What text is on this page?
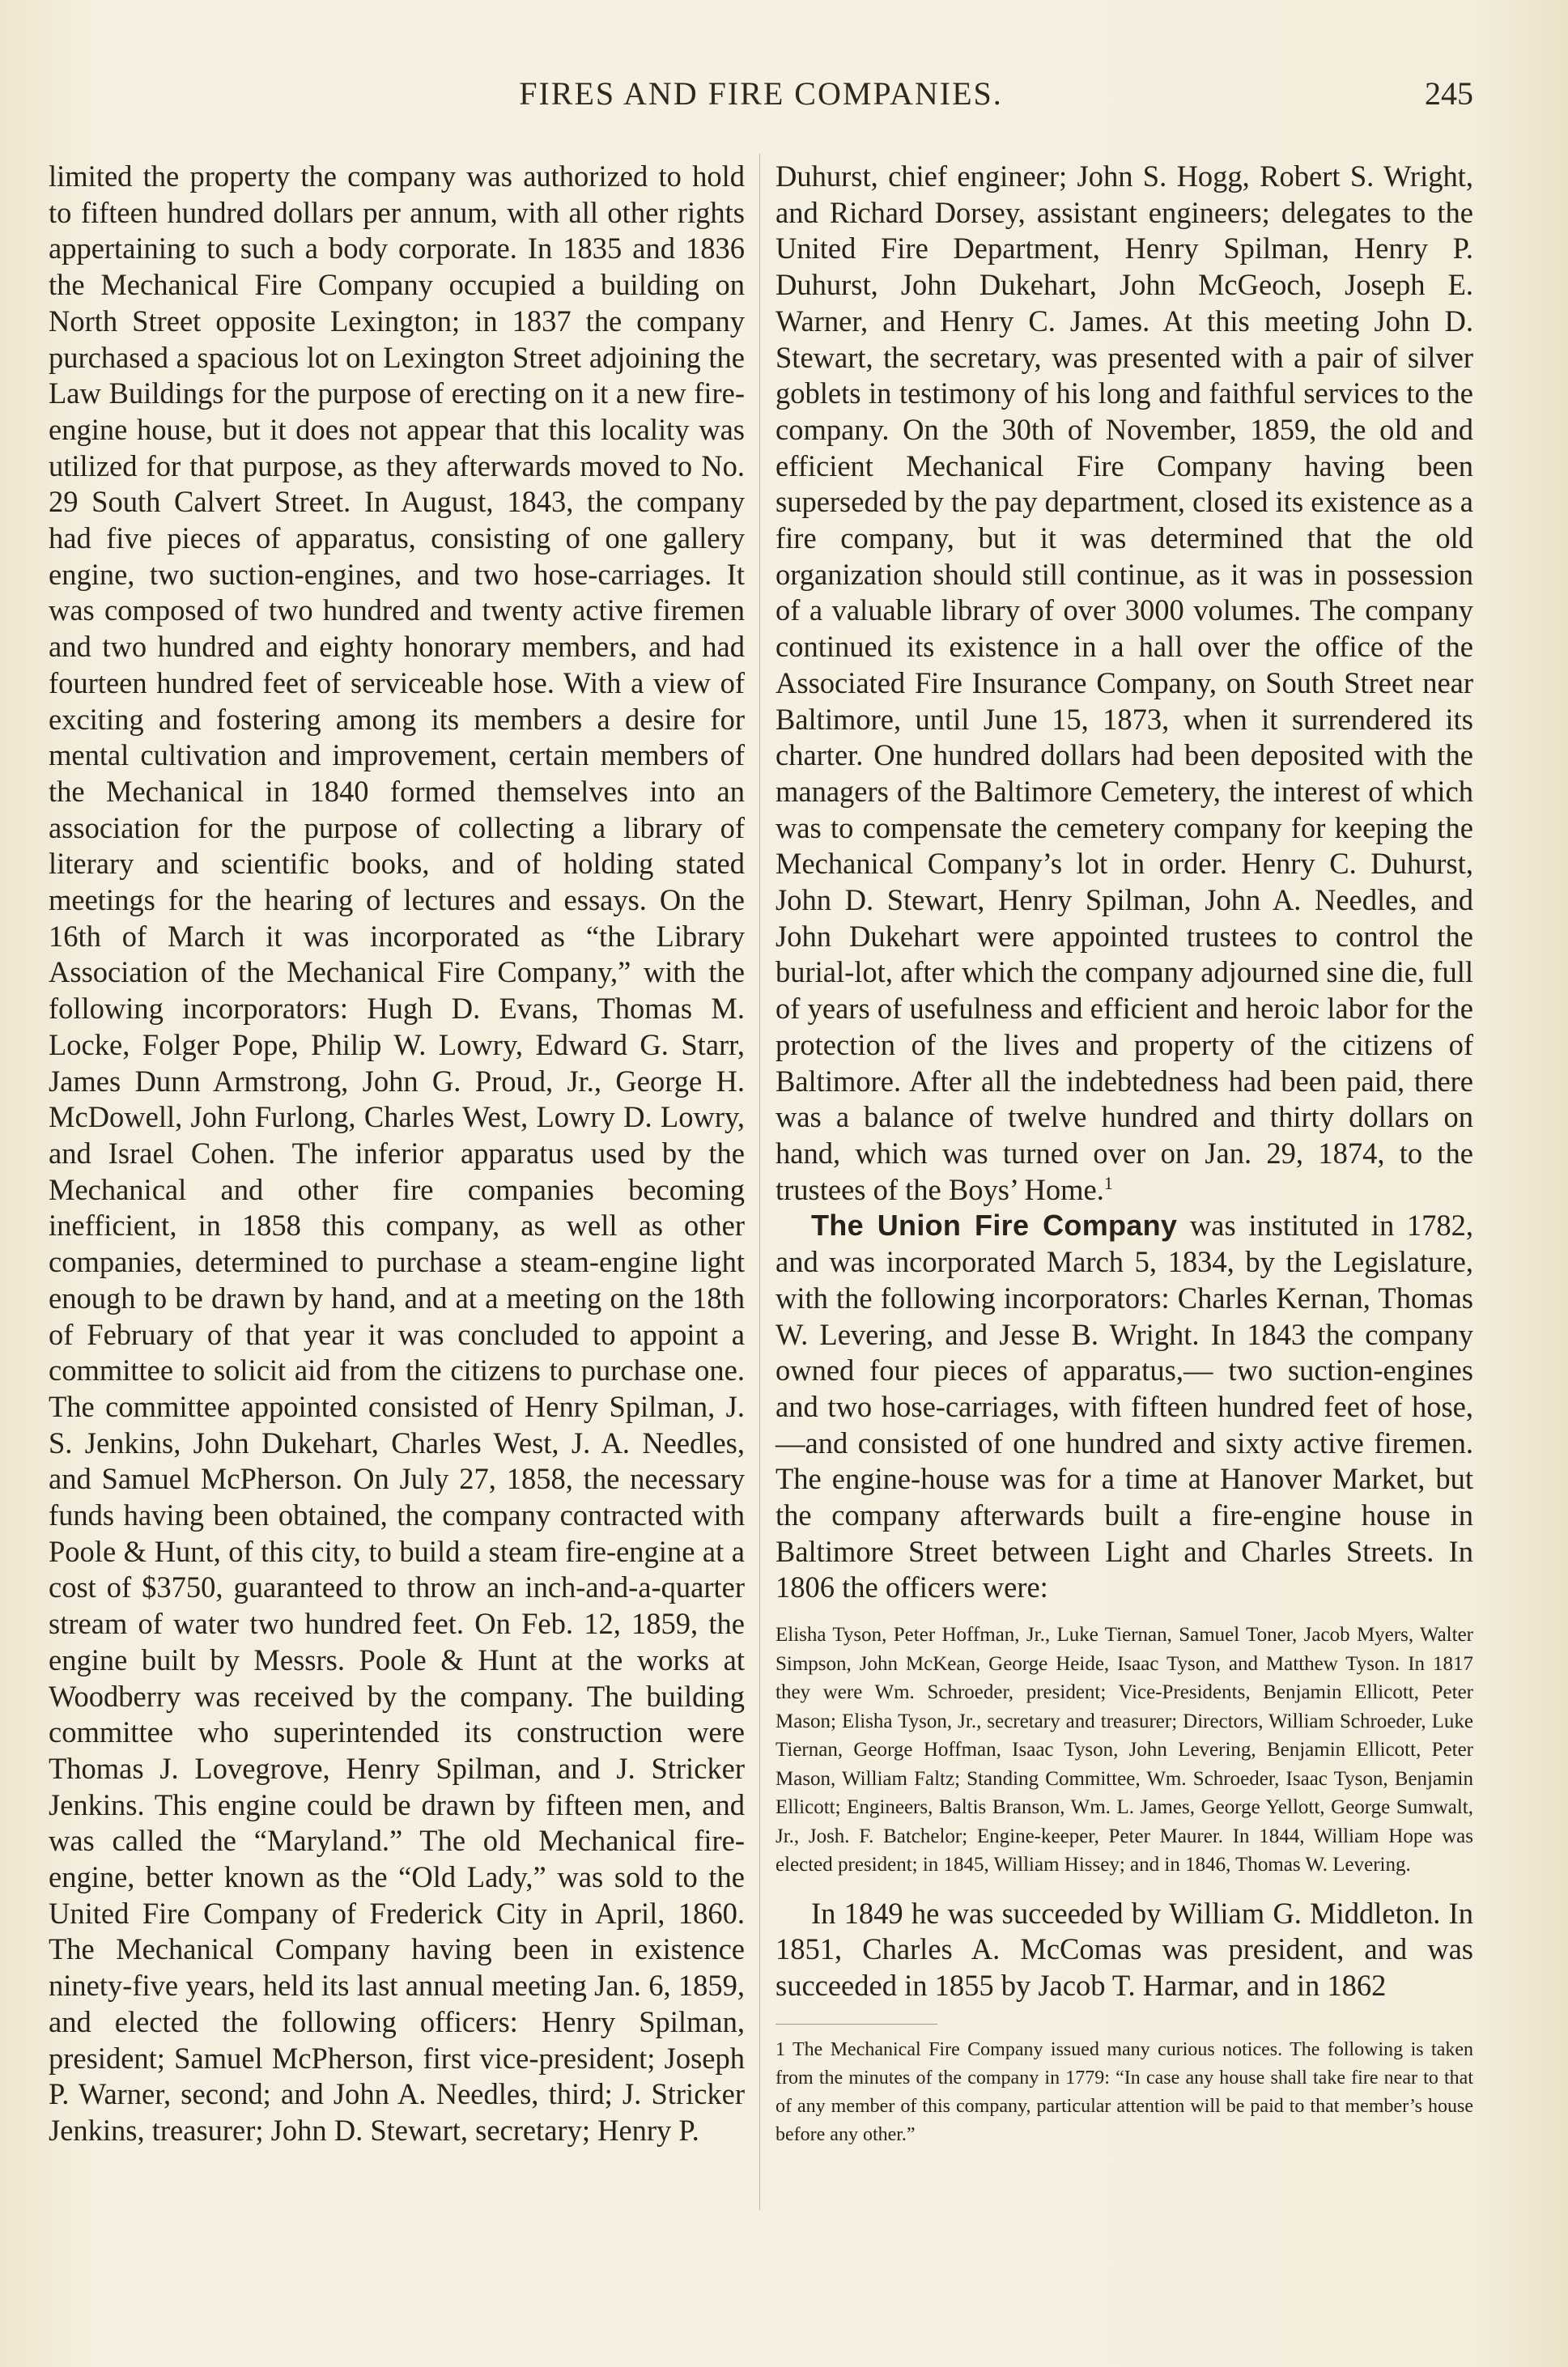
FIRES AND FIRE COMPANIES.	245

limited the property the company was authorized to hold to fifteen hundred dollars per annum, with all other rights appertaining to such a body corporate. In 1835 and 1836 the Mechanical Fire Company occupied a building on North Street opposite Lexington; in 1837 the company purchased a spacious lot on Lexington Street adjoining the Law Buildings for the purpose of erecting on it a new fire-engine house, but it does not appear that this locality was utilized for that purpose, as they afterwards moved to No. 29 South Calvert Street. In August, 1843, the company had five pieces of apparatus, consisting of one gallery engine, two suction-engines, and two hose-carriages. It was composed of two hundred and twenty active firemen and two hundred and eighty honorary members, and had fourteen hundred feet of serviceable hose. With a view of exciting and fostering among its members a desire for mental cultivation and improvement, certain members of the Mechanical in 1840 formed themselves into an association for the purpose of collecting a library of literary and scientific books, and of holding stated meetings for the hearing of lectures and essays. On the 16th of March it was incorporated as “the Library Association of the Mechanical Fire Company,” with the following incorporators: Hugh D. Evans, Thomas M. Locke, Folger Pope, Philip W. Lowry, Edward G. Starr, James Dunn Armstrong, John G. Proud, Jr., George H. McDowell, John Furlong, Charles West, Lowry D. Lowry, and Israel Cohen. The inferior apparatus used by the Mechanical and other fire companies becoming inefficient, in 1858 this company, as well as other companies, determined to purchase a steam-engine light enough to be drawn by hand, and at a meeting on the 18th of February of that year it was concluded to appoint a committee to solicit aid from the citizens to purchase one. The committee appointed consisted of Henry Spilman, J. S. Jenkins, John Dukehart, Charles West, J. A. Needles, and Samuel McPherson. On July 27, 1858, the necessary funds having been obtained, the company contracted with Poole & Hunt, of this city, to build a steam fire-engine at a cost of $3750, guaranteed to throw an inch-and-a-quarter stream of water two hundred feet. On Feb. 12, 1859, the engine built by Messrs. Poole & Hunt at the works at Woodberry was received by the company. The building committee who superintended its construction were Thomas J. Lovegrove, Henry Spilman, and J. Stricker Jenkins. This engine could be drawn by fifteen men, and was called the “Maryland.” The old Mechanical fire-engine, better known as the “Old Lady,” was sold to the United Fire Company of Frederick City in April, 1860. The Mechanical Company having been in existence ninety-five years, held its last annual meeting Jan. 6, 1859, and elected the following officers: Henry Spilman, president; Samuel McPherson, first vice-president; Joseph P. Warner, second; and John A. Needles, third; J. Stricker Jenkins, treasurer; John D. Stewart, secretary; Henry P.

Duhurst, chief engineer; John S. Hogg, Robert S. Wright, and Richard Dorsey, assistant engineers; delegates to the United Fire Department, Henry Spilman, Henry P. Duhurst, John Dukehart, John McGeoch, Joseph E. Warner, and Henry C. James. At this meeting John D. Stewart, the secretary, was presented with a pair of silver goblets in testimony of his long and faithful services to the company. On the 30th of November, 1859, the old and efficient Mechanical Fire Company having been superseded by the pay department, closed its existence as a fire company, but it was determined that the old organization should still continue, as it was in possession of a valuable library of over 3000 volumes. The company continued its existence in a hall over the office of the Associated Fire Insurance Company, on South Street near Baltimore, until June 15, 1873, when it surrendered its charter. One hundred dollars had been deposited with the managers of the Baltimore Cemetery, the interest of which was to compensate the cemetery company for keeping the Mechanical Company’s lot in order. Henry C. Duhurst, John D. Stewart, Henry Spilman, John A. Needles, and John Dukehart were appointed trustees to control the burial-lot, after which the company adjourned sine die, full of years of usefulness and efficient and heroic labor for the protection of the lives and property of the citizens of Baltimore. After all the indebtedness had been paid, there was a balance of twelve hundred and thirty dollars on hand, which was turned over on Jan. 29, 1874, to the trustees of the Boys’ Home.$^1$

The Union Fire Company was instituted in 1782, and was incorporated March 5, 1834, by the Legislature, with the following incorporators: Charles Kernan, Thomas W. Levering, and Jesse B. Wright. In 1843 the company owned four pieces of apparatus,— two suction-engines and two hose-carriages, with fifteen hundred feet of hose,—and consisted of one hundred and sixty active firemen. The engine-house was for a time at Hanover Market, but the company afterwards built a fire-engine house in Baltimore Street between Light and Charles Streets. In 1806 the officers were:

Elisha Tyson, Peter Hoffman, Jr., Luke Tiernan, Samuel Toner, Jacob Myers, Walter Simpson, John McKean, George Heide, Isaac Tyson, and Matthew Tyson. In 1817 they were Wm. Schroeder, president; Vice-Presidents, Benjamin Ellicott, Peter Mason; Elisha Tyson, Jr., secretary and treasurer; Directors, William Schroeder, Luke Tiernan, George Hoffman, Isaac Tyson, John Levering, Benjamin Ellicott, Peter Mason, William Faltz; Standing Committee, Wm. Schroeder, Isaac Tyson, Benjamin Ellicott; Engineers, Baltis Branson, Wm. L. James, George Yellott, George Sumwalt, Jr., Josh. F. Batchelor; Engine-keeper, Peter Maurer. In 1844, William Hope was elected president; in 1845, William Hissey; and in 1846, Thomas W. Levering.

In 1849 he was succeeded by William G. Middleton. In 1851, Charles A. McComas was president, and was succeeded in 1855 by Jacob T. Harmar, and in 1862

1 The Mechanical Fire Company issued many curious notices. The following is taken from the minutes of the company in 1779: “In case any house shall take fire near to that of any member of this company, particular attention will be paid to that member’s house before any other.”
